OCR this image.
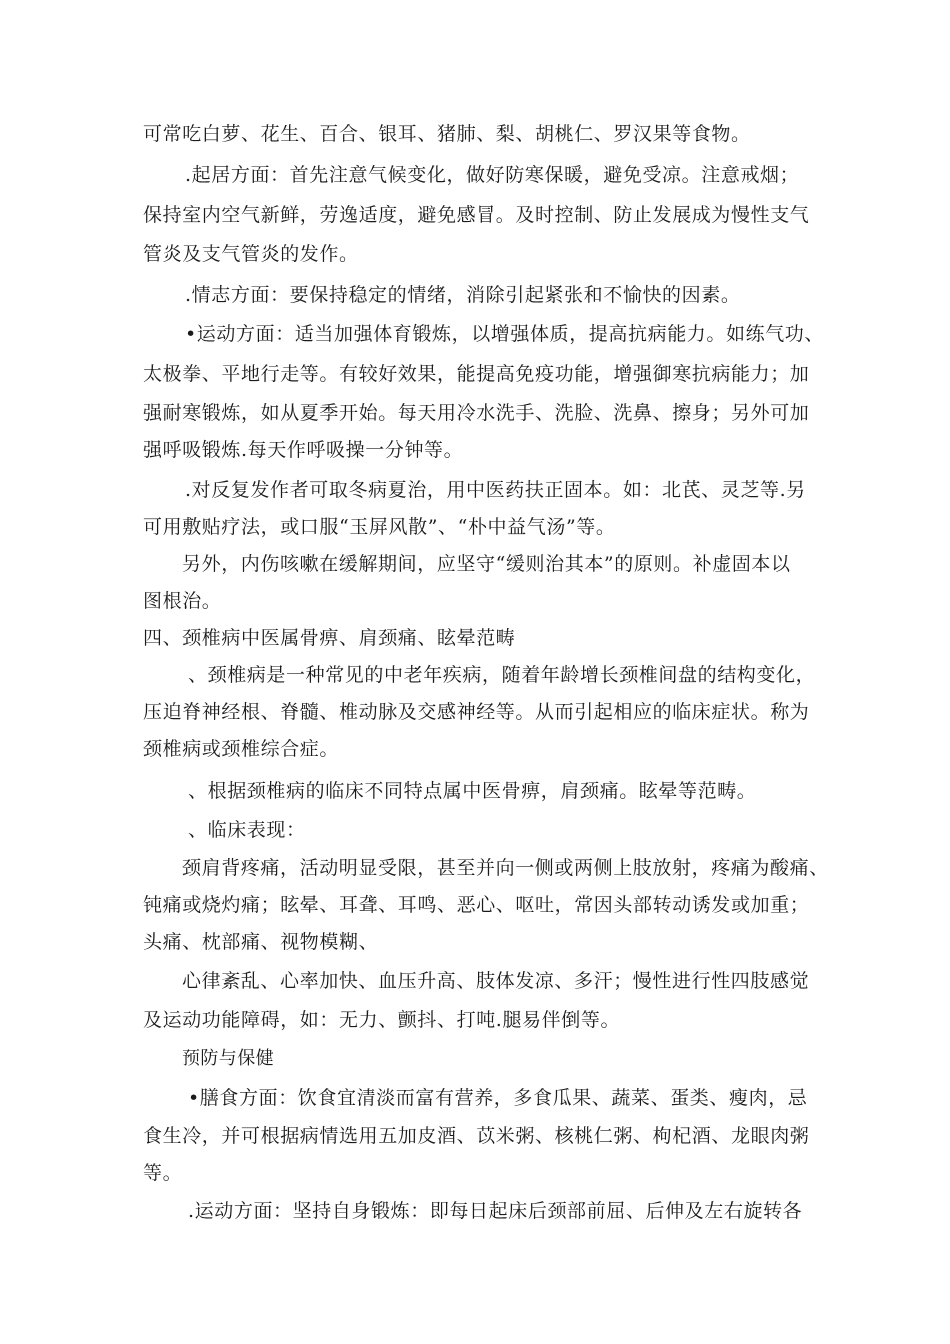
可常吃白萝、花生、百合、银耳、猪肺、梨、胡桃仁、罗汉果等食物。
.起居方面：首先注意气候变化，做好防寒保暖，避免受凉。注意戒烟；
保持室内空气新鲜，劳逸适度，避免感冒。及时控制、防止发展成为慢性支气
管炎及支气管炎的发作。
.情志方面：要保持稳定的情绪，消除引起紧张和不愉快的因素。
•运动方面：适当加强体育锻炼，以增强体质，提高抗病能力。如练气功、
太极拳、平地行走等。有较好效果，能提高免疫功能，增强御寒抗病能力；加
强耐寒锻炼，如从夏季开始。每天用冷水洗手、洗脸、洗鼻、擦身；另外可加
强呼吸锻炼.每天作呼吸操一分钟等。
.对反复发作者可取冬病夏治，用中医药扶正固本。如：北芪、灵芝等.另
可用敷贴疗法，或口服“玉屏风散”、“朴中益气汤”等。
另外，内伤咳嗽在缓解期间，应坚守“缓则治其本”的原则。补虚固本以
图根治。
四、颈椎病中医属骨痹、肩颈痛、眩晕范畴
、颈椎病是一种常见的中老年疾病，随着年龄增长颈椎间盘的结构变化，
压迫脊神经根、脊髓、椎动脉及交感神经等。从而引起相应的临床症状。称为
颈椎病或颈椎综合症。
、根据颈椎病的临床不同特点属中医骨痹，肩颈痛。眩晕等范畴。
、临床表现：
颈肩背疼痛，活动明显受限，甚至并向一侧或两侧上肢放射，疼痛为酸痛、
钝痛或烧灼痛；眩晕、耳聋、耳鸣、恶心、呕吐，常因头部转动诱发或加重；
头痛、枕部痛、视物模糊、
心律紊乱、心率加快、血压升高、肢体发凉、多汗；慢性进行性四肢感觉
及运动功能障碍，如：无力、颤抖、打吨.腿易伴倒等。
预防与保健
•膳食方面：饮食宜清淡而富有营养，多食瓜果、蔬菜、蛋类、瘦肉，忌
食生冷，并可根据病情选用五加皮酒、苡米粥、核桃仁粥、枸杞酒、龙眼肉粥
等。
.运动方面：坚持自身锻炼：即每日起床后颈部前屈、后伸及左右旋转各
